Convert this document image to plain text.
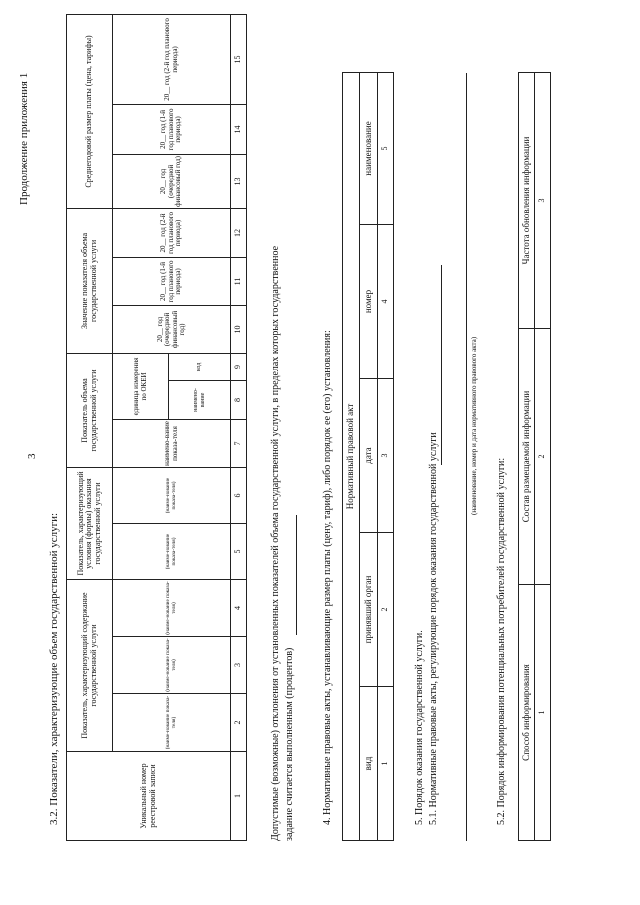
3
Продолжение приложения 1
3.2. Показатели, характеризующие объем государственной услуги:	Уникальный номер реестровой записи	Показатель, характеризующий содержание государственной услуги			Показатель, характеризующий условия (формы) оказания государственной услуги		Показатель объема государственной услуги			Значение показателя объема государственной услуги			Среднегодовой размер платы (цена, тарифы)		
	(наиме-нование показа-теля)	(наиме-нование показа-теля)	(наиме-нование показа-теля)	(наиме-нование показа-теля)	(наиме-нование показа-теля)	наимено-вание показа-теля	единица измерения по ОКЕИ		20__ год (очередной финансовый год)	20__ год (1-й год планового периода)	20__ год (2-й год планового периода)	20__ год (очередной финансовый год)	20__ год (1-й год планового периода)	20__ год (2-й год планового периода)
							наимено-вание	код						
1	2	3	4	5	6	7	8	9	10	11	12	13	14	15
Допустимые (возможные) отклонения от установленных показателей объема государственной услуги, в пределах которых государственное задание считается выполненным (процентов)	4. Нормативные правовые акты, устанавливающие размер платы (цену, тариф), либо порядок ее (его) установления: Нормативный правовой акт				
вид	принявший орган	дата	номер	наименование
1	2	3	4	5
5. Порядок оказания государственной услуги. 5.1. Нормативные правовые акты, регулирующие порядок оказания государственной услуги
(наименование, номер и дата нормативного правового акта)
5.2. Порядок информирования потенциальных потребителей государственной услуги: Способ информирования	Состав размещаемой информации	Частота обновления информации
1	2	3
